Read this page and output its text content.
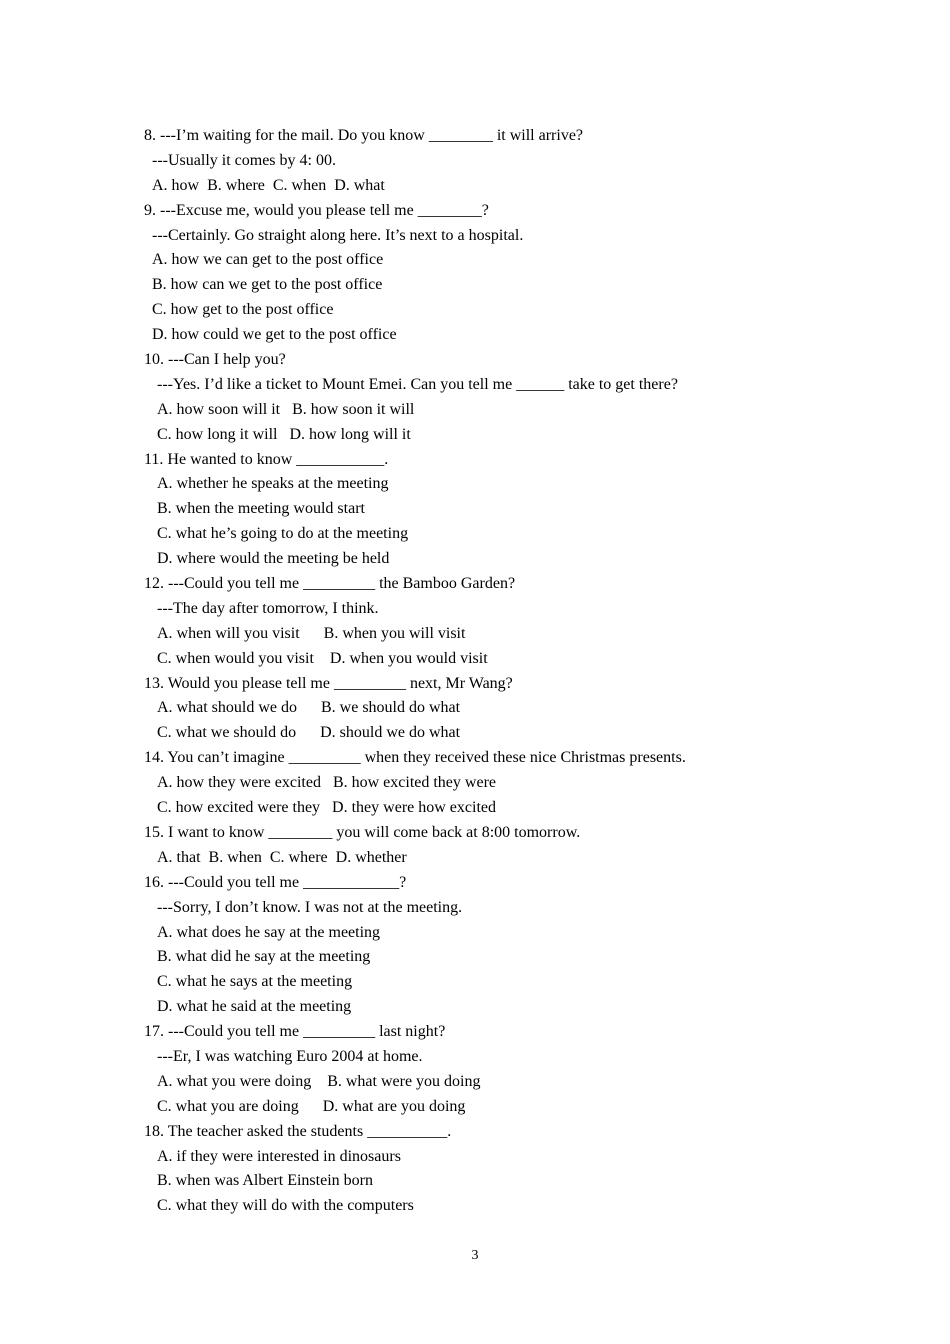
8. ---I’m waiting for the mail. Do you know ________ it will arrive?
---Usually it comes by 4: 00.
A. how  B. where  C. when  D. what
9. ---Excuse me, would you please tell me ________?
---Certainly. Go straight along here. It’s next to a hospital.
A. how we can get to the post office
B. how can we get to the post office
C. how get to the post office
D. how could we get to the post office
10. ---Can I help you?
---Yes. I’d like a ticket to Mount Emei. Can you tell me ______ take to get there?
A. how soon will it   B. how soon it will
C. how long it will   D. how long will it
11. He wanted to know ___________.
A. whether he speaks at the meeting
B. when the meeting would start
C. what he’s going to do at the meeting
D. where would the meeting be held
12. ---Could you tell me _________ the Bamboo Garden?
---The day after tomorrow, I think.
A. when will you visit      B. when you will visit
C. when would you visit    D. when you would visit
13. Would you please tell me _________ next, Mr Wang?
A. what should we do      B. we should do what
C. what we should do      D. should we do what
14. You can’t imagine _________ when they received these nice Christmas presents.
A. how they were excited   B. how excited they were
C. how excited were they   D. they were how excited
15. I want to know ________ you will come back at 8:00 tomorrow.
A. that  B. when  C. where  D. whether
16. ---Could you tell me ____________?
---Sorry, I don’t know. I was not at the meeting.
A. what does he say at the meeting
B. what did he say at the meeting
C. what he says at the meeting
D. what he said at the meeting
17. ---Could you tell me _________ last night?
---Er, I was watching Euro 2004 at home.
A. what you were doing    B. what were you doing
C. what you are doing      D. what are you doing
18. The teacher asked the students __________.
A. if they were interested in dinosaurs
B. when was Albert Einstein born
C. what they will do with the computers
3
